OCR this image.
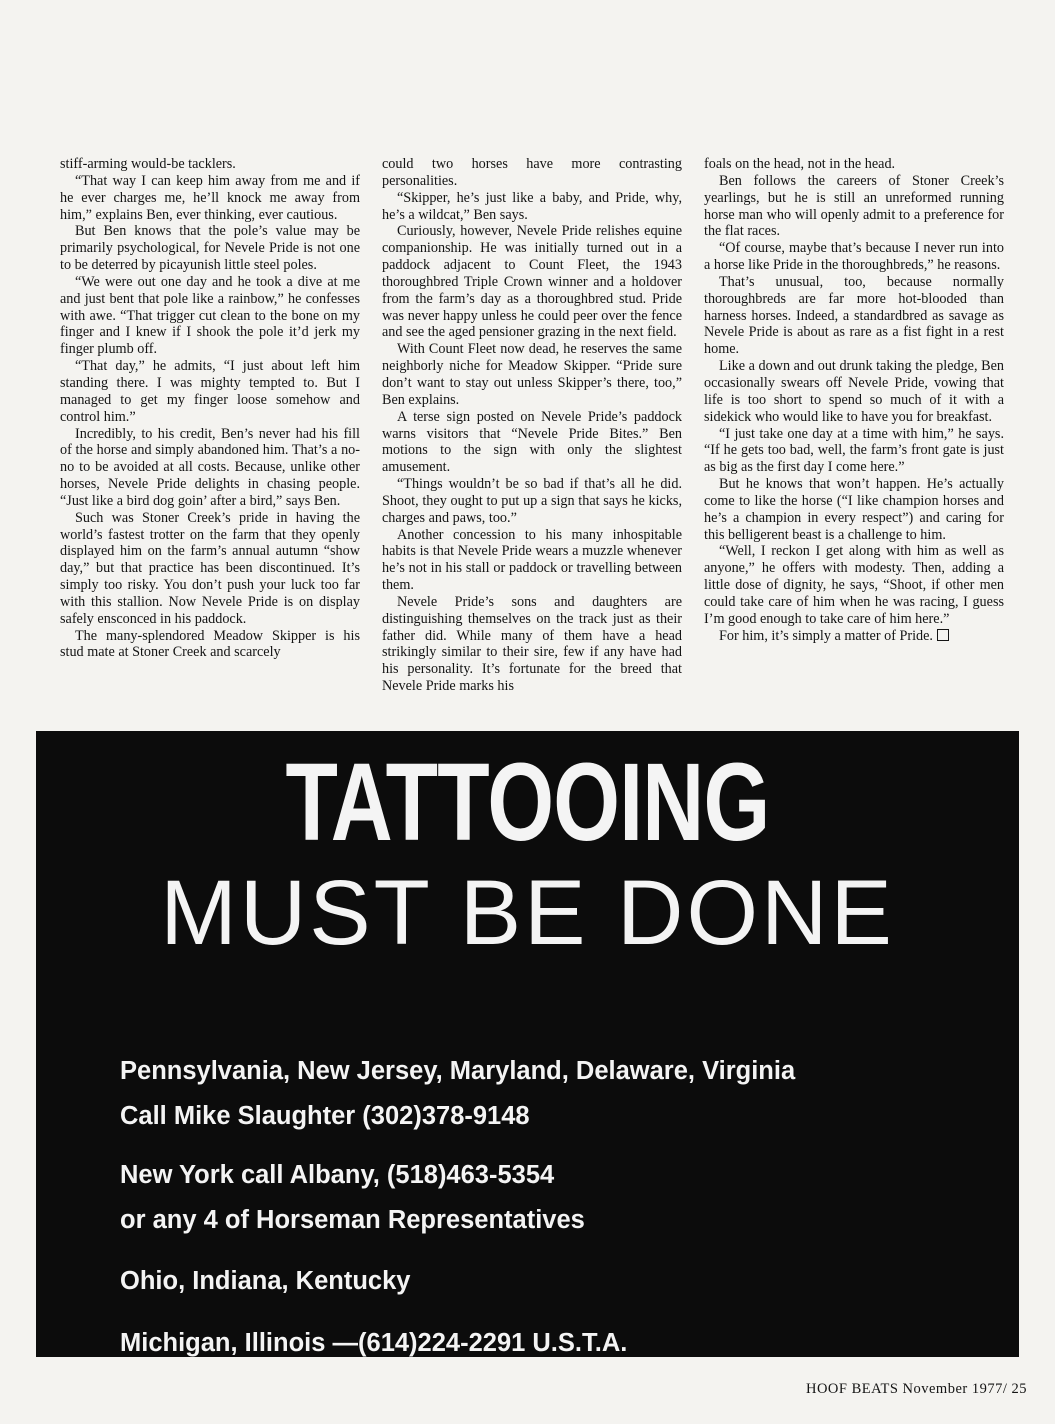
stiff-arming would-be tacklers.

“That way I can keep him away from me and if he ever charges me, he’ll knock me away from him,” explains Ben, ever thinking, ever cautious.

But Ben knows that the pole’s value may be primarily psychological, for Nevele Pride is not one to be deterred by picayunish little steel poles.

“We were out one day and he took a dive at me and just bent that pole like a rainbow,” he confesses with awe. “That trigger cut clean to the bone on my finger and I knew if I shook the pole it’d jerk my finger plumb off.

“That day,” he admits, “I just about left him standing there. I was mighty tempted to. But I managed to get my finger loose somehow and control him.”

Incredibly, to his credit, Ben’s never had his fill of the horse and simply abandoned him. That’s a no-no to be avoided at all costs. Because, unlike other horses, Nevele Pride delights in chasing people. “Just like a bird dog goin’ after a bird,” says Ben.

Such was Stoner Creek’s pride in having the world’s fastest trotter on the farm that they openly displayed him on the farm’s annual autumn “show day,” but that practice has been discontinued. It’s simply too risky. You don’t push your luck too far with this stallion. Now Nevele Pride is on display safely ensconced in his paddock.

The many-splendored Meadow Skipper is his stud mate at Stoner Creek and scarcely

could two horses have more contrasting personalities.

“Skipper, he’s just like a baby, and Pride, why, he’s a wildcat,” Ben says.

Curiously, however, Nevele Pride relishes equine companionship. He was initially turned out in a paddock adjacent to Count Fleet, the 1943 thoroughbred Triple Crown winner and a holdover from the farm’s day as a thoroughbred stud. Pride was never happy unless he could peer over the fence and see the aged pensioner grazing in the next field.

With Count Fleet now dead, he reserves the same neighborly niche for Meadow Skipper. “Pride sure don’t want to stay out unless Skipper’s there, too,” Ben explains.

A terse sign posted on Nevele Pride’s paddock warns visitors that “Nevele Pride Bites.” Ben motions to the sign with only the slightest amusement.

“Things wouldn’t be so bad if that’s all he did. Shoot, they ought to put up a sign that says he kicks, charges and paws, too.”

Another concession to his many inhospitable habits is that Nevele Pride wears a muzzle whenever he’s not in his stall or paddock or travelling between them.

Nevele Pride’s sons and daughters are distinguishing themselves on the track just as their father did. While many of them have a head strikingly similar to their sire, few if any have had his personality. It’s fortunate for the breed that Nevele Pride marks his

foals on the head, not in the head.

Ben follows the careers of Stoner Creek’s yearlings, but he is still an unreformed running horse man who will openly admit to a preference for the flat races.

“Of course, maybe that’s because I never run into a horse like Pride in the thoroughbreds,” he reasons.

That’s unusual, too, because normally thoroughbreds are far more hot-blooded than harness horses. Indeed, a standardbred as savage as Nevele Pride is about as rare as a fist fight in a rest home.

Like a down and out drunk taking the pledge, Ben occasionally swears off Nevele Pride, vowing that life is too short to spend so much of it with a sidekick who would like to have you for breakfast.

“I just take one day at a time with him,” he says. “If he gets too bad, well, the farm’s front gate is just as big as the first day I come here.”

But he knows that won’t happen. He’s actually come to like the horse (“I like champion horses and he’s a champion in every respect”) and caring for this belligerent beast is a challenge to him.

“Well, I reckon I get along with him as well as anyone,” he offers with modesty. Then, adding a little dose of dignity, he says, “Shoot, if other men could take care of him when he was racing, I guess I’m good enough to take care of him here.”

For him, it’s simply a matter of Pride.

TATTOOING
MUST BE DONE
Pennsylvania, New Jersey, Maryland, Delaware, Virginia
Call Mike Slaughter (302)378-9148
New York call Albany, (518)463-5354
or any 4 of Horseman Representatives
Ohio, Indiana, Kentucky
Michigan, Illinois —(614)224-2291 U.S.T.A.
HOOF BEATS November 1977/ 25
